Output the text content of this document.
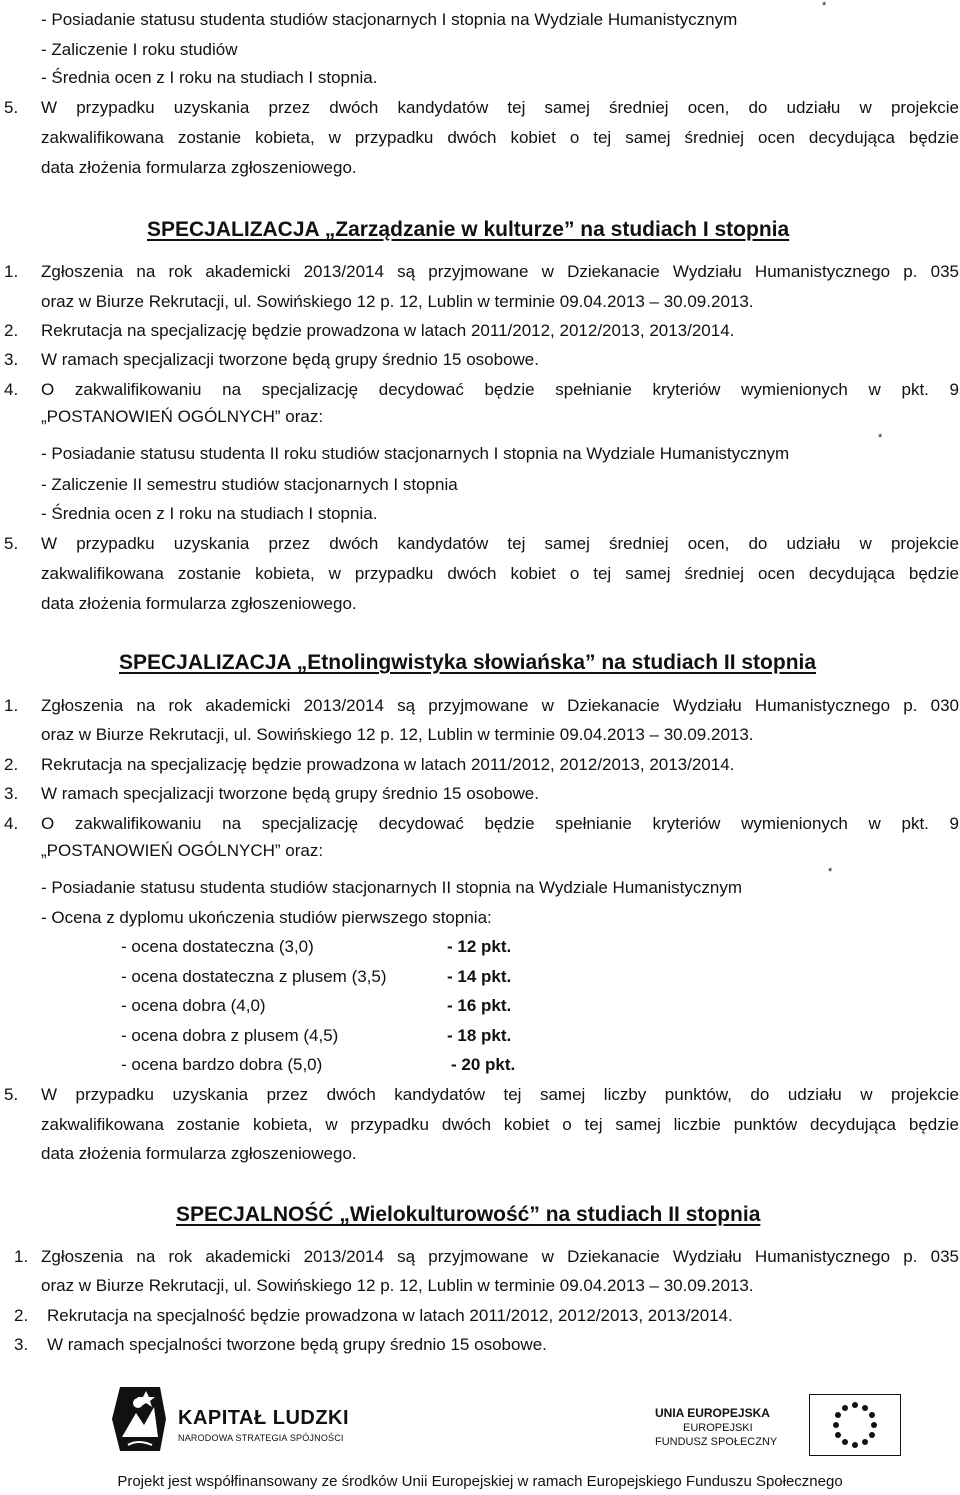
- Posiadanie statusu studenta studiów stacjonarnych I stopnia na Wydziale Humanistycznym
*
- Zaliczenie I roku studiów
- Średnia ocen z I roku na studiach I stopnia.
5. W przypadku uzyskania przez dwóch kandydatów tej samej średniej ocen, do udziału w projekcie
zakwalifikowana zostanie kobieta, w przypadku dwóch kobiet o tej samej średniej ocen decydująca będzie
data złożenia formularza zgłoszeniowego.
SPECJALIZACJA „Zarządzanie w kulturze” na studiach I stopnia
1. Zgłoszenia na rok akademicki 2013/2014 są przyjmowane w Dziekanacie Wydziału Humanistycznego p. 035
oraz w Biurze Rekrutacji, ul. Sowińskiego 12 p. 12, Lublin w terminie 09.04.2013 – 30.09.2013.
2. Rekrutacja na specjalizację będzie prowadzona w latach 2011/2012, 2012/2013, 2013/2014.
3. W ramach specjalizacji tworzone będą grupy średnio 15 osobowe.
4. O zakwalifikowaniu na specjalizację decydować będzie spełnianie kryteriów wymienionych w pkt. 9
„POSTANOWIEŃ OGÓLNYCH” oraz:
- Posiadanie statusu studenta II roku studiów stacjonarnych I stopnia na Wydziale Humanistycznym
*
- Zaliczenie II semestru studiów stacjonarnych I stopnia
- Średnia ocen z I roku na studiach I stopnia.
5. W przypadku uzyskania przez dwóch kandydatów tej samej średniej ocen, do udziału w projekcie
zakwalifikowana zostanie kobieta, w przypadku dwóch kobiet o tej samej średniej ocen decydująca będzie
data złożenia formularza zgłoszeniowego.
SPECJALIZACJA „Etnolingwistyka słowiańska” na studiach II stopnia
1. Zgłoszenia na rok akademicki 2013/2014 są przyjmowane w Dziekanacie Wydziału Humanistycznego p. 030
oraz w Biurze Rekrutacji, ul. Sowińskiego 12 p. 12, Lublin w terminie 09.04.2013 – 30.09.2013.
2. Rekrutacja na specjalizację będzie prowadzona w latach 2011/2012, 2012/2013, 2013/2014.
3. W ramach specjalizacji tworzone będą grupy średnio 15 osobowe.
4. O zakwalifikowaniu na specjalizację decydować będzie spełnianie kryteriów wymienionych w pkt. 9
„POSTANOWIEŃ OGÓLNYCH” oraz:
- Posiadanie statusu studenta studiów stacjonarnych II stopnia na Wydziale Humanistycznym
*
- Ocena z dyplomu ukończenia studiów pierwszego stopnia:
- ocena dostateczna (3,0)	- 12 pkt.
- ocena dostateczna z plusem (3,5)	- 14 pkt.
- ocena dobra (4,0)	- 16 pkt.
- ocena dobra z plusem (4,5)	- 18 pkt.
- ocena bardzo dobra (5,0)	- 20 pkt.
5. W przypadku uzyskania przez dwóch kandydatów tej samej liczby punktów, do udziału w projekcie
zakwalifikowana zostanie kobieta, w przypadku dwóch kobiet o tej samej liczbie punktów decydująca będzie
data złożenia formularza zgłoszeniowego.
SPECJALNOŚĆ „Wielokulturowość” na studiach II stopnia
1. Zgłoszenia na rok akademicki 2013/2014 są przyjmowane w Dziekanacie Wydziału Humanistycznego p. 035
oraz w Biurze Rekrutacji, ul. Sowińskiego 12 p. 12, Lublin w terminie 09.04.2013 – 30.09.2013.
2. Rekrutacja na specjalność będzie prowadzona w latach 2011/2012, 2012/2013, 2013/2014.
3. W ramach specjalności tworzone będą grupy średnio 15 osobowe.
KAPITAŁ LUDZKI
NARODOWA STRATEGIA SPÓJNOŚCI
UNIA EUROPEJSKA
EUROPEJSKI
FUNDUSZ SPOŁECZNY
Projekt jest współfinansowany ze środków Unii Europejskiej w ramach Europejskiego Funduszu Społecznego
